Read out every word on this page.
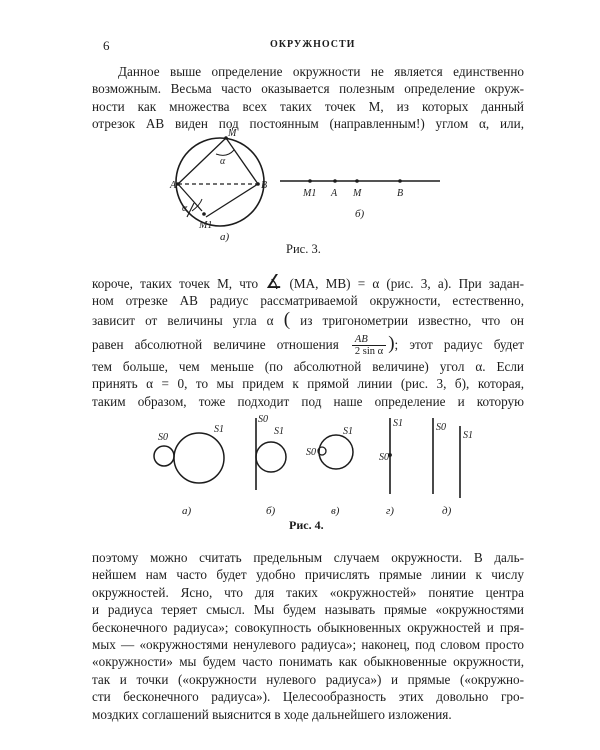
6	ОКРУЖНОСТИ
Данное выше определение окружности не является единственно
возможным. Весьма часто оказывается полезным определение окруж-
ности как множества всех таких точек M, из которых данный
отрезок AB виден под постоянным (направленным!) углом α, или,
M
A	B
M1
α
α
а)
M1 A M	B
б)
Рис. 3.
короче, таких точек M, что ∡ (MA, MB) = α (рис. 3, а). При задан-
ном отрезке AB радиус рассматриваемой окружности, естественно,
зависит от величины угла α ( из тригонометрии известно, что он
равен абсолютной величине отношения $\frac{AB}{\text{2 sin α}}$ ); этот радиус будет
тем больше, чем меньше (по абсолютной величине) угол α. Если
принять α = 0, то мы придем к прямой линии (рис. 3, б), которая,
таким образом, тоже подходит под наше определение и которую
S0
S1
а)
S0
S1
б)
S0
S1
в)
S1
S0
г)
S0
S1
д)
Рис. 4.
поэтому можно считать предельным случаем окружности. В даль-
нейшем нам часто будет удобно причислять прямые линии к числу
окружностей. Ясно, что для таких «окружностей» понятие центра
и радиуса теряет смысл. Мы будем называть прямые «окружностями
бесконечного радиуса»; совокупность обыкновенных окружностей и пря-
мых — «окружностями ненулевого радиуса»; наконец, под словом просто
«окружности» мы будем часто понимать как обыкновенные окружности,
так и точки («окружности нулевого радиуса») и прямые («окружно-
сти бесконечного радиуса»). Целесообразность этих довольно гро-
моздких соглашений выяснится в ходе дальнейшего изложения.
